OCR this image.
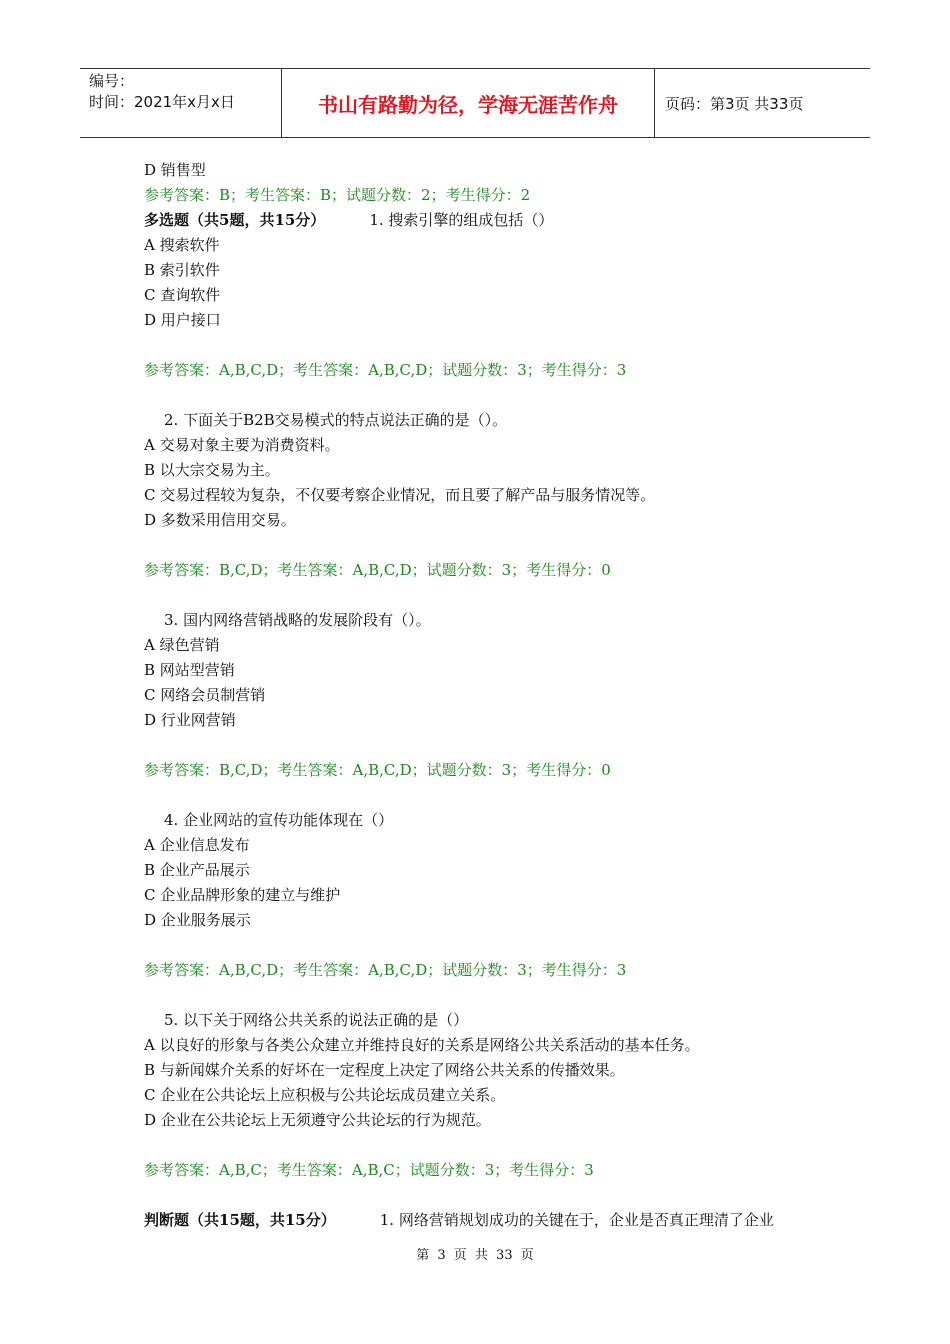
编号：
时间：2021年x月x日	书山有路勤为径，学海无涯苦作舟	页码：第3页 共33页
D 销售型
参考答案：B；考生答案：B；试题分数：2；考生得分：2
多选题（共5题，共15分）	1. 搜索引擎的组成包括（）
A 搜索软件
B 索引软件
C 查询软件
D 用户接口
参考答案：A,B,C,D；考生答案：A,B,C,D；试题分数：3；考生得分：3
2. 下面关于B2B交易模式的特点说法正确的是（）。
A 交易对象主要为消费资料。
B 以大宗交易为主。
C 交易过程较为复杂，不仅要考察企业情况，而且要了解产品与服务情况等。
D 多数采用信用交易。
参考答案：B,C,D；考生答案：A,B,C,D；试题分数：3；考生得分：0
3. 国内网络营销战略的发展阶段有（）。
A 绿色营销
B 网站型营销
C 网络会员制营销
D 行业网营销
参考答案：B,C,D；考生答案：A,B,C,D；试题分数：3；考生得分：0
4. 企业网站的宣传功能体现在（）
A 企业信息发布
B 企业产品展示
C 企业品牌形象的建立与维护
D 企业服务展示
参考答案：A,B,C,D；考生答案：A,B,C,D；试题分数：3；考生得分：3
5. 以下关于网络公共关系的说法正确的是（）
A 以良好的形象与各类公众建立并维持良好的关系是网络公共关系活动的基本任务。
B 与新闻媒介关系的好坏在一定程度上决定了网络公共关系的传播效果。
C 企业在公共论坛上应积极与公共论坛成员建立关系。
D 企业在公共论坛上无须遵守公共论坛的行为规范。
参考答案：A,B,C；考生答案：A,B,C；试题分数：3；考生得分：3
判断题（共15题，共15分）	1. 网络营销规划成功的关键在于，企业是否真正理清了企业
第 3 页 共 33 页
